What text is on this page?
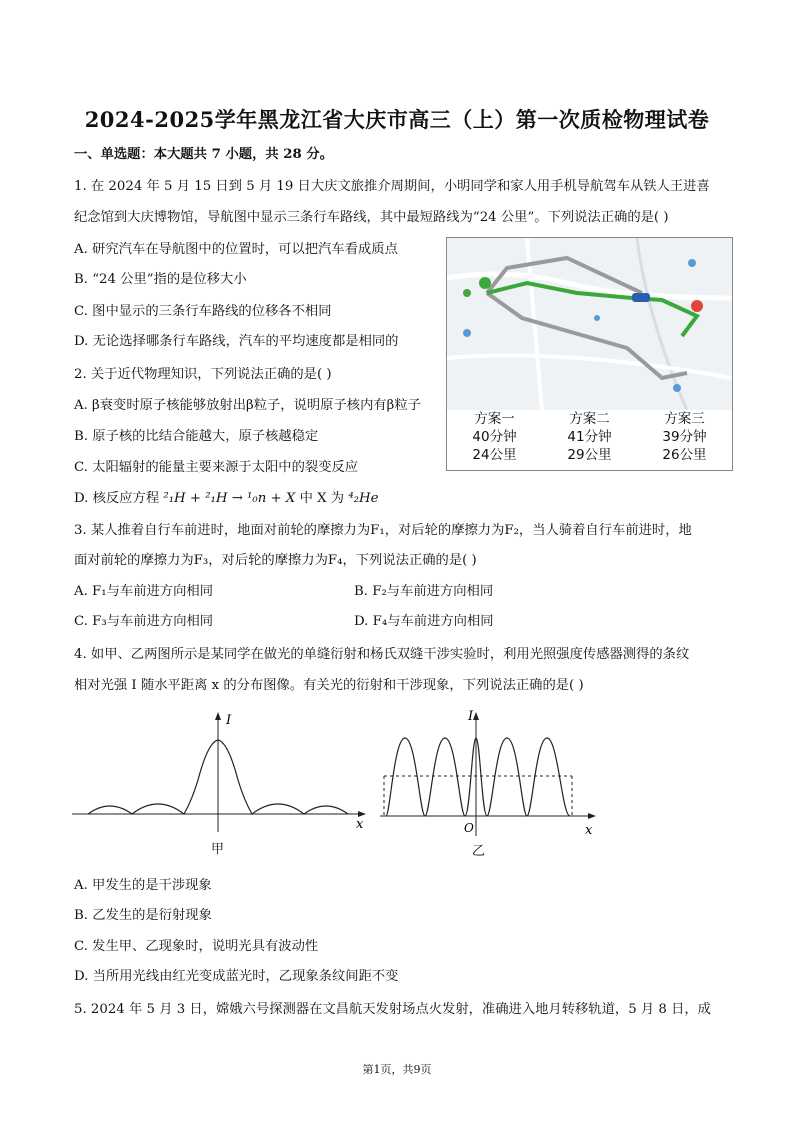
2024-2025学年黑龙江省大庆市高三（上）第一次质检物理试卷
一、单选题：本大题共 7 小题，共 28 分。
1. 在 2024 年 5 月 15 日到 5 月 19 日大庆文旅推介周期间，小明同学和家人用手机导航驾车从铁人王进喜
纪念馆到大庆博物馆，导航图中显示三条行车路线，其中最短路线为“24 公里”。下列说法正确的是( )
A. 研究汽车在导航图中的位置时，可以把汽车看成质点
B. “24 公里”指的是位移大小
C. 图中显示的三条行车路线的位移各不相同
D. 无论选择哪条行车路线，汽车的平均速度都是相同的
方案一
40分钟
24公里
方案二
41分钟
29公里
方案三
39分钟
26公里
2. 关于近代物理知识，下列说法正确的是( )
A. β衰变时原子核能够放射出β粒子，说明原子核内有β粒子
B. 原子核的比结合能越大，原子核越稳定
C. 太阳辐射的能量主要来源于太阳中的裂变反应
D. 核反应方程 ²₁H + ²₁H → ¹₀n + X 中 X 为 ⁴₂He
3. 某人推着自行车前进时，地面对前轮的摩擦力为F₁，对后轮的摩擦力为F₂，当人骑着自行车前进时，地
面对前轮的摩擦力为F₃，对后轮的摩擦力为F₄，下列说法正确的是( )
A. F₁与车前进方向相同	B. F₂与车前进方向相同
C. F₃与车前进方向相同	D. F₄与车前进方向相同
4. 如甲、乙两图所示是某同学在做光的单缝衍射和杨氏双缝干涉实验时，利用光照强度传感器测得的条纹
相对光强 I 随水平距离 x 的分布图像。有关光的衍射和干涉现象，下列说法正确的是( )
I
x
甲
I
x
O
乙
A. 甲发生的是干涉现象
B. 乙发生的是衍射现象
C. 发生甲、乙现象时，说明光具有波动性
D. 当所用光线由红光变成蓝光时，乙现象条纹间距不变
5. 2024 年 5 月 3 日，嫦娥六号探测器在文昌航天发射场点火发射，准确进入地月转移轨道，5 月 8 日，成
第1页，共9页
